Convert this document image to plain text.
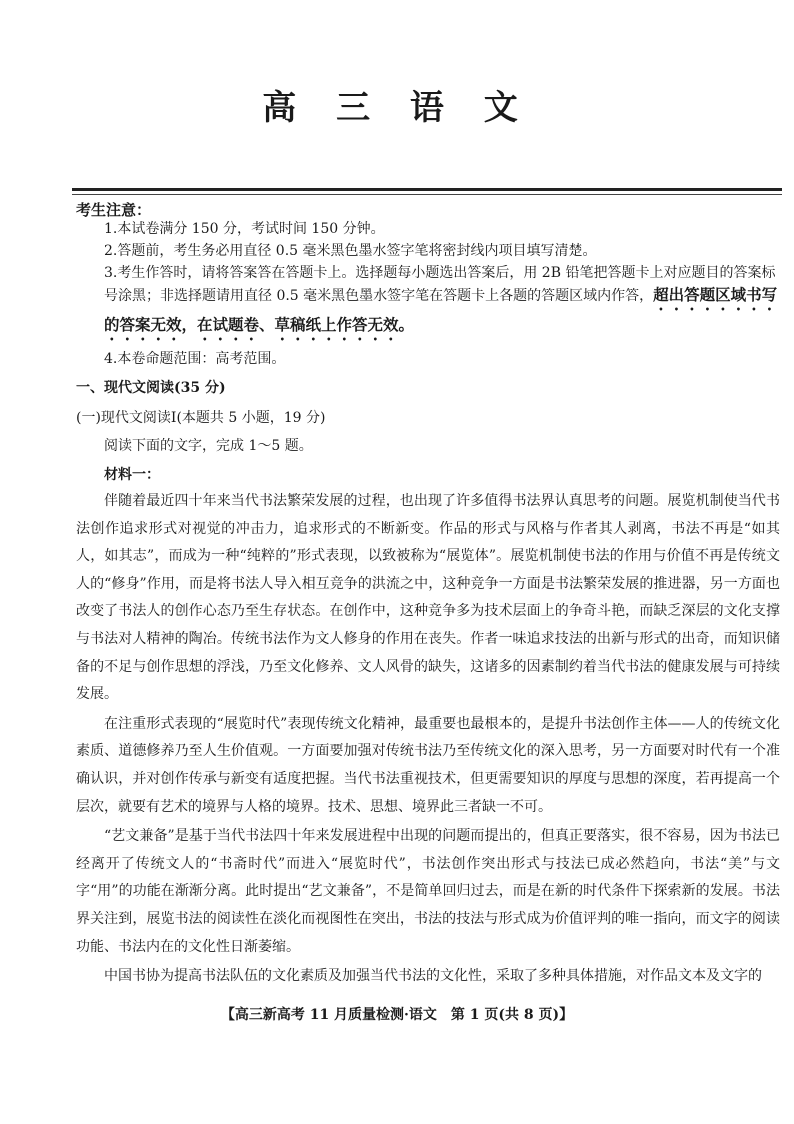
高 三 语 文
考生注意：

1.本试卷满分 150 分，考试时间 150 分钟。

2.答题前，考生务必用直径 0.5 毫米黑色墨水签字笔将密封线内项目填写清楚。

3.考生作答时，请将答案答在答题卡上。选择题每小题选出答案后，用 2B 铅笔把答题卡上对应题目的答案标号涂黑；非选择题请用直径 0.5 毫米黑色墨水签字笔在答题卡上各题的答题区域内作答，超出答题区域书写的答案无效，在试题卷、草稿纸上作答无效。

4.本卷命题范围：高考范围。

一、现代文阅读(35 分)
(一)现代文阅读Ⅰ(本题共 5 小题，19 分)
阅读下面的文字，完成 1～5 题。
材料一：

伴随着最近四十年来当代书法繁荣发展的过程，也出现了许多值得书法界认真思考的问题。展览机制使当代书法创作追求形式对视觉的冲击力，追求形式的不断新变。作品的形式与风格与作者其人剥离，书法不再是“如其人，如其志”，而成为一种“纯粹的”形式表现，以致被称为“展览体”。展览机制使书法的作用与价值不再是传统文人的“修身”作用，而是将书法人导入相互竞争的洪流之中，这种竞争一方面是书法繁荣发展的推进器，另一方面也改变了书法人的创作心态乃至生存状态。在创作中，这种竞争多为技术层面上的争奇斗艳，而缺乏深层的文化支撑与书法对人精神的陶冶。传统书法作为文人修身的作用在丧失。作者一味追求技法的出新与形式的出奇，而知识储备的不足与创作思想的浮浅，乃至文化修养、文人风骨的缺失，这诸多的因素制约着当代书法的健康发展与可持续发展。

在注重形式表现的“展览时代”表现传统文化精神，最重要也最根本的，是提升书法创作主体——人的传统文化素质、道德修养乃至人生价值观。一方面要加强对传统书法乃至传统文化的深入思考，另一方面要对时代有一个准确认识，并对创作传承与新变有适度把握。当代书法重视技术，但更需要知识的厚度与思想的深度，若再提高一个层次，就要有艺术的境界与人格的境界。技术、思想、境界此三者缺一不可。

“艺文兼备”是基于当代书法四十年来发展进程中出现的问题而提出的，但真正要落实，很不容易，因为书法已经离开了传统文人的“书斋时代”而进入“展览时代”，书法创作突出形式与技法已成必然趋向，书法“美”与文字“用”的功能在渐渐分离。此时提出“艺文兼备”，不是简单回归过去，而是在新的时代条件下探索新的发展。书法界关注到，展览书法的阅读性在淡化而视图性在突出，书法的技法与形式成为价值评判的唯一指向，而文字的阅读功能、书法内在的文化性日渐萎缩。

中国书协为提高书法队伍的文化素质及加强当代书法的文化性，采取了多种具体措施，对作品文本及文字的

【高三新高考 11 月质量检测·语文　第 1 页(共 8 页)】
